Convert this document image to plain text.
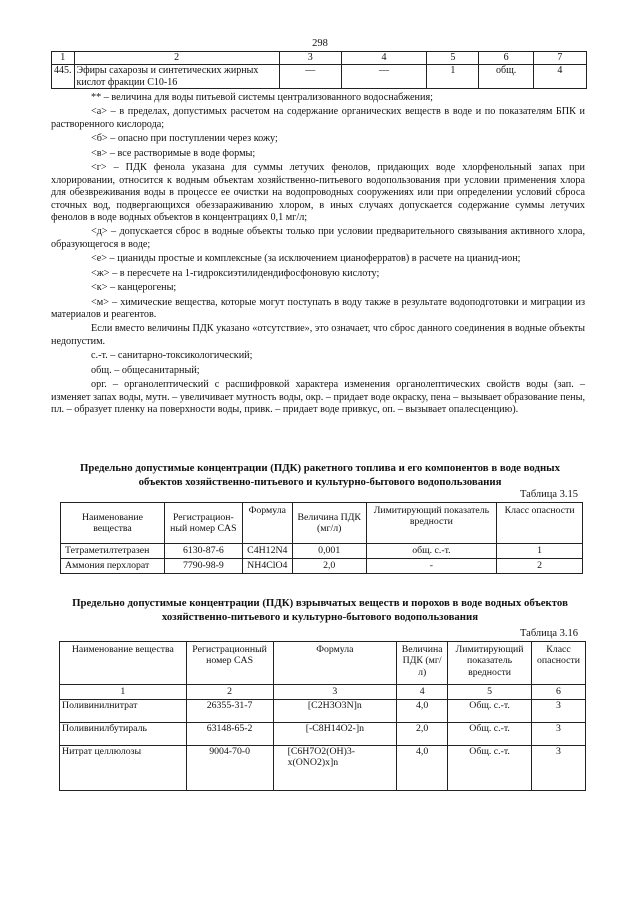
298
1	2	3	4	5	6	7
445.	Эфиры сахарозы и синтетических жирных кислот фракции С10-16	—	—	1	общ.	4

** – величина для воды питьевой системы централизованного водоснабжения;

<а> – в пределах, допустимых расчетом на содержание органических веществ в воде и по показателям БПК и растворенного кислорода;

<б> – опасно при поступлении через кожу;

<в> – все растворимые в воде формы;

<г> – ПДК фенола указана для суммы летучих фенолов, придающих воде хлорфенольный запах при хлорировании, относится к водным объектам хозяйственно-питьевого водопользования при условии применения хлора для обезвреживания воды в процессе ее очистки на водопроводных сооружениях или при определении условий сброса сточных вод, подвергающихся обеззараживанию хлором, в иных случаях допускается содержание суммы летучих фенолов в воде водных объектов в концентрациях 0,1 мг/л;

<д> – допускается сброс в водные объекты только при условии предварительного связывания активного хлора, образующегося в воде;

<е> – цианиды простые и комплексные (за исключением цианоферратов) в расчете на цианид-ион;

<ж> – в пересчете на 1-гидроксиэтилидендифосфоновую кислоту;

<к> – канцерогены;

<м> – химические вещества, которые могут поступать в воду также в результате водоподготовки и миграции из материалов и реагентов.

Если вместо величины ПДК указано «отсутствие», это означает, что сброс данного соединения в водные объекты недопустим.

с.-т. – санитарно-токсикологический;

общ. – общесанитарный;

орг. – органолептический с расшифровкой характера изменения органолептических свойств воды (зап. – изменяет запах воды, мутн. – увеличивает мутность воды, окр. – придает воде окраску, пена – вызывает образование пены, пл. – образует пленку на поверхности воды, привк. – придает воде привкус, оп. – вызывает опалесценцию).

Предельно допустимые концентрации (ПДК) ракетного топлива и его компонентов в воде водных объектов хозяйственно-питьевого и культурно-бытового водопользования
Таблица 3.15
Наименование вещества	Регистрацион-ный номер CAS	Формула	Величина ПДК (мг/л)	Лимитирующий показатель вредности	Класс опасности
Тетраметилтетразен	6130-87-6	C4H12N4	0,001	общ. с.-т.	1
Аммония перхлорат	7790-98-9	NH4ClO4	2,0	-	2
Предельно допустимые концентрации (ПДК) взрывчатых веществ и порохов в воде водных объектов хозяйственно-питьевого и культурно-бытового водопользования
Таблица 3.16
Наименование вещества	Регистрационный номер CAS	Формула	Величина ПДК (мг/л)	Лимитирующий показатель вредности	Класс опасности
1	2	3	4	5	6
Поливинилнитрат	26355-31-7	[C2H3O3N]n	4,0	Общ. с.-т.	3
Поливинилбутираль	63148-65-2	[-C8H14O2-]n	2,0	Общ. с.-т.	3
Нитрат целлюлозы	9004-70-0	[C6H7O2(OH)3-x(ONO2)x]n	4,0	Общ. с.-т.	3
